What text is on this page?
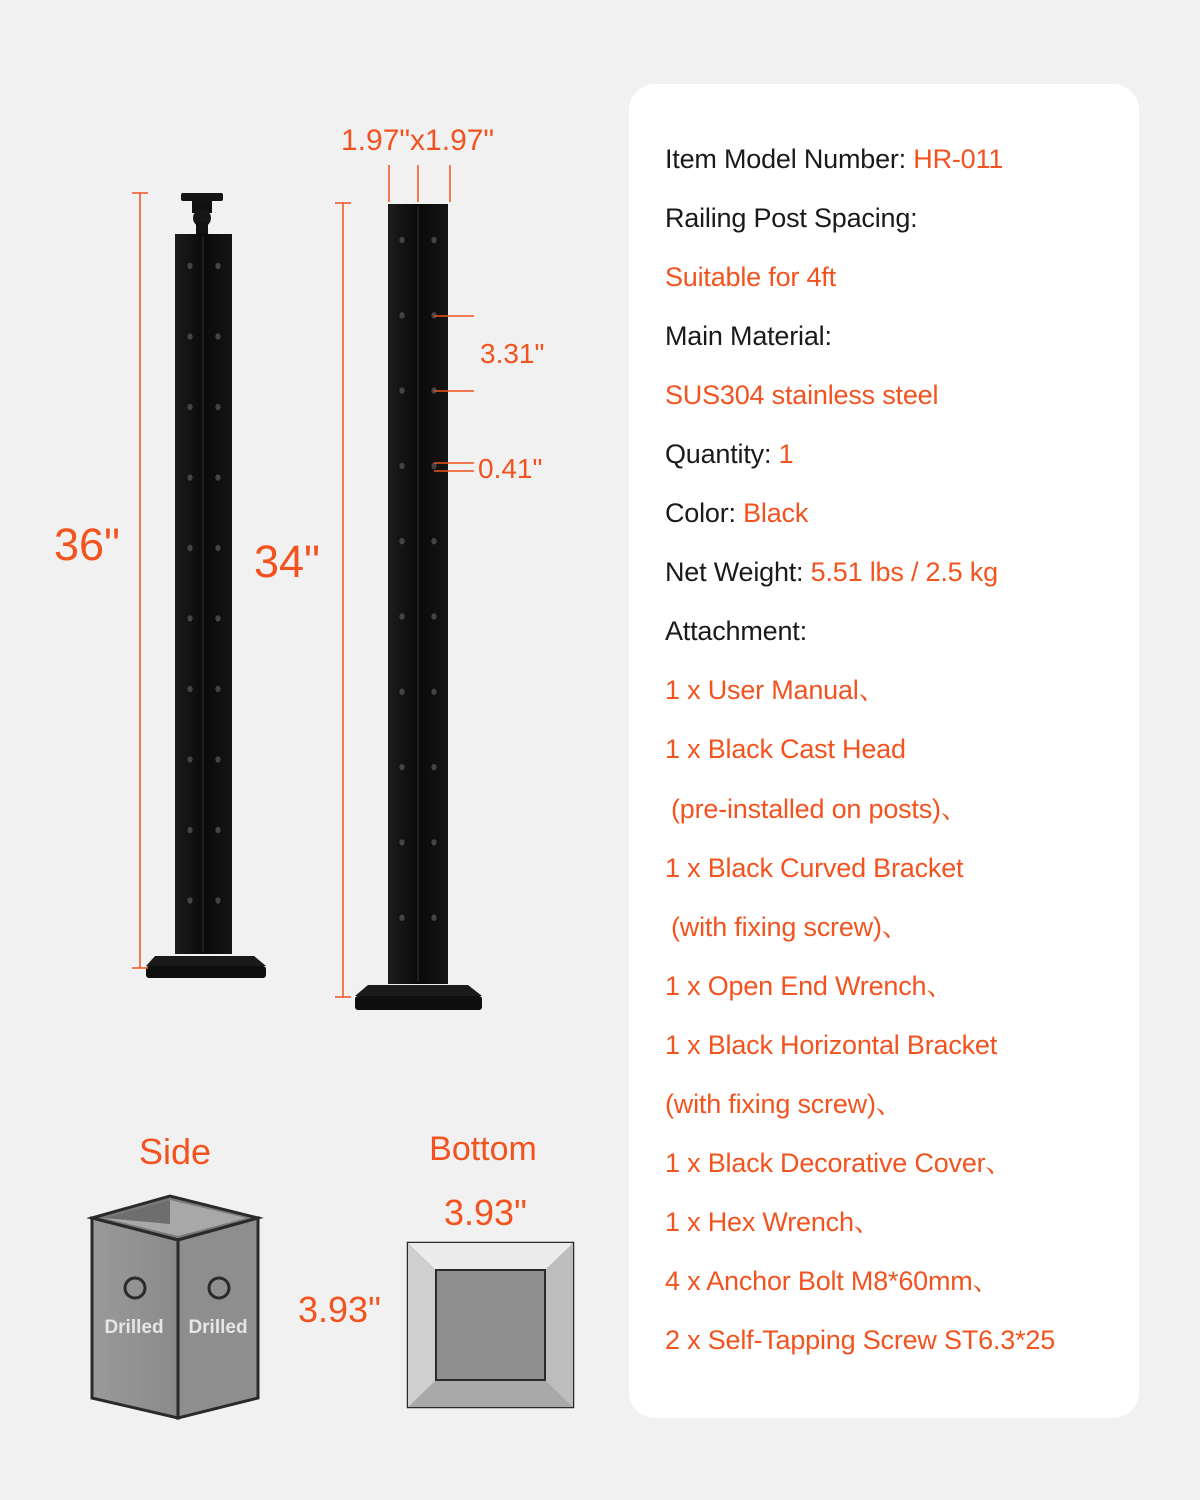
Drilled Drilled
1.97"x1.97"
36"	34"
3.31"
0.41"
3.93"
3.93"
Side	Bottom
Item Model Number: HR-011
Railing Post Spacing:
Suitable for 4ft
Main Material:
SUS304 stainless steel
Quantity: 1
Color: Black
Net Weight: 5.51 lbs / 2.5 kg
Attachment:
1 x User Manual、
1 x Black Cast Head
(pre-installed on posts)、
1 x Black Curved Bracket
(with fixing screw)、
1 x Open End Wrench、
1 x Black Horizontal Bracket
(with fixing screw)、
1 x Black Decorative Cover、
1 x Hex Wrench、
4 x Anchor Bolt M8*60mm、
2 x Self-Tapping Screw ST6.3*25
